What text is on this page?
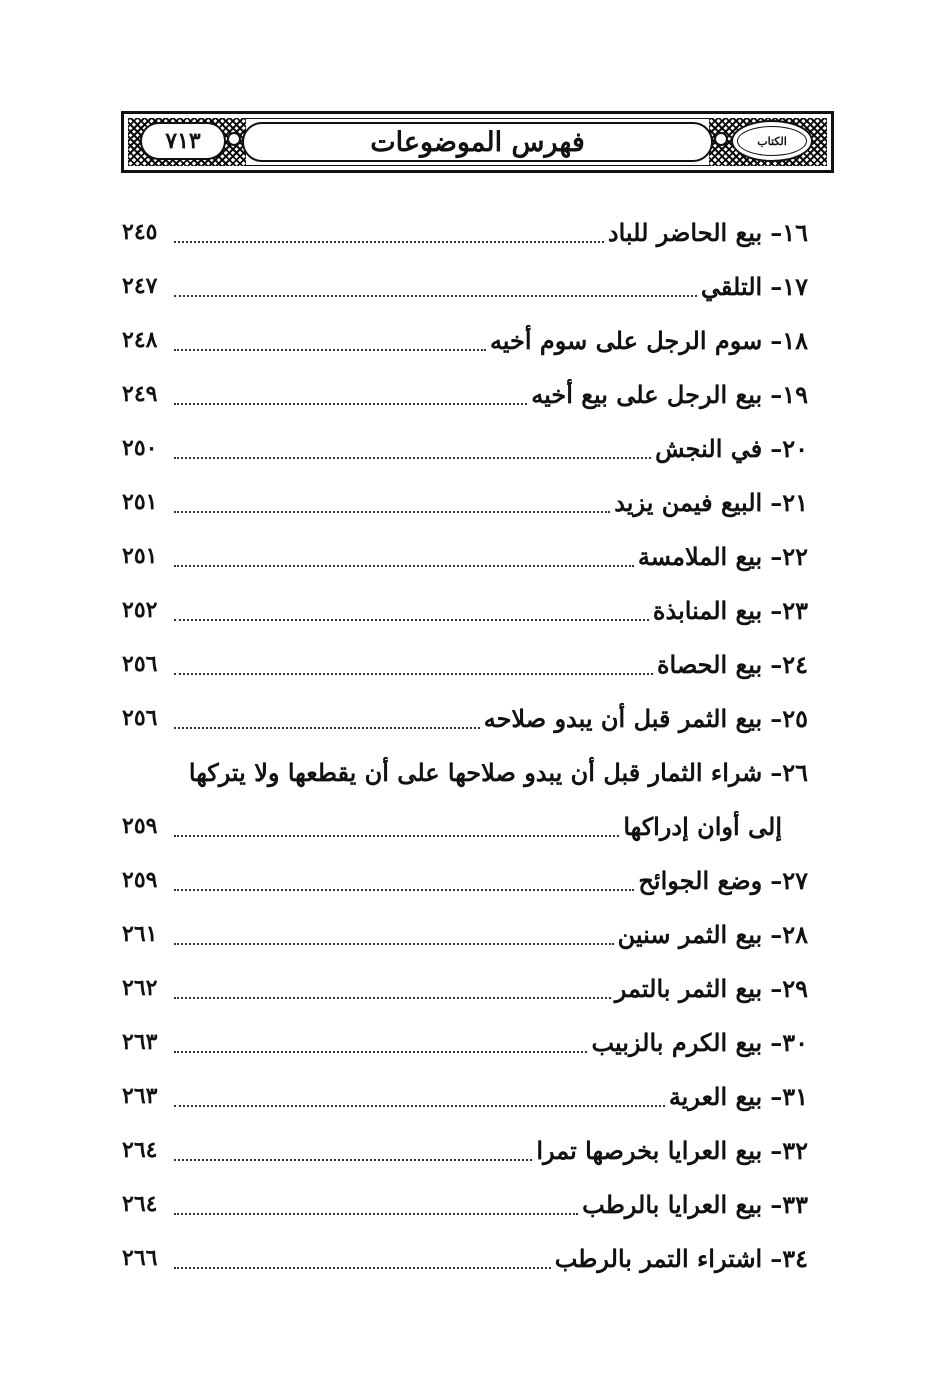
٧١٣	الكتاب
فهرس الموضوعات
١٦–
بيع الحاضر للباد
٢٤٥
١٧–
التلقي
٢٤٧
١٨–
سوم الرجل على سوم أخيه
٢٤٨
١٩–
بيع الرجل على بيع أخيه
٢٤٩
٢٠–
في النجش
٢٥٠
٢١–
البيع فيمن يزيد
٢٥١
٢٢–
بيع الملامسة
٢٥١
٢٣–
بيع المنابذة
٢٥٢
٢٤–
بيع الحصاة
٢٥٦
٢٥–
بيع الثمر قبل أن يبدو صلاحه
٢٥٦
٢٦–
شراء الثمار قبل أن يبدو صلاحها على أن يقطعها ولا يتركها
إلى أوان إدراكها
٢٥٩
٢٧–
وضع الجوائح
٢٥٩
٢٨–
بيع الثمر سنين
٢٦١
٢٩–
بيع الثمر بالتمر
٢٦٢
٣٠–
بيع الكرم بالزبيب
٢٦٣
٣١–
بيع العرية
٢٦٣
٣٢–
بيع العرايا بخرصها تمرا
٢٦٤
٣٣–
بيع العرايا بالرطب
٢٦٤
٣٤–
اشتراء التمر بالرطب
٢٦٦
